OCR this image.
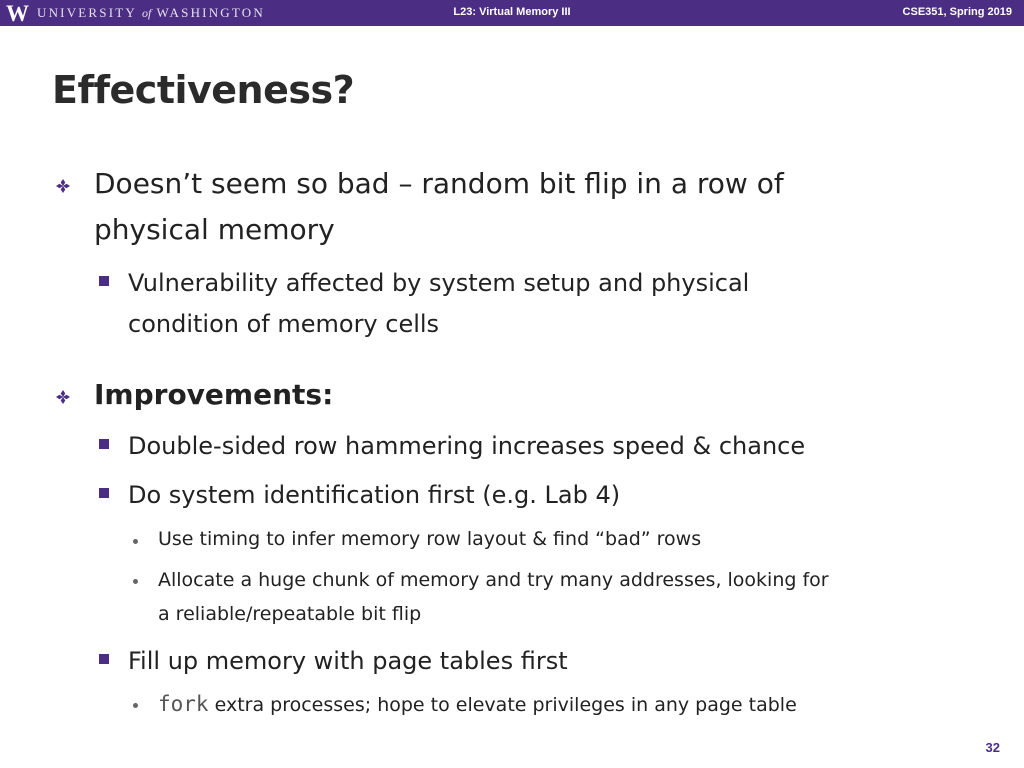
W UNIVERSITY of WASHINGTON	L23: Virtual Memory III	CSE351, Spring 2019
Effectiveness?
Doesn’t seem so bad – random bit flip in a row of
physical memory
Vulnerability affected by system setup and physical
condition of memory cells
Improvements:
Double-sided row hammering increases speed & chance
Do system identification first (e.g. Lab 4)
Use timing to infer memory row layout & find “bad” rows
Allocate a huge chunk of memory and try many addresses, looking for
a reliable/repeatable bit flip
Fill up memory with page tables first
fork extra processes; hope to elevate privileges in any page table
32
